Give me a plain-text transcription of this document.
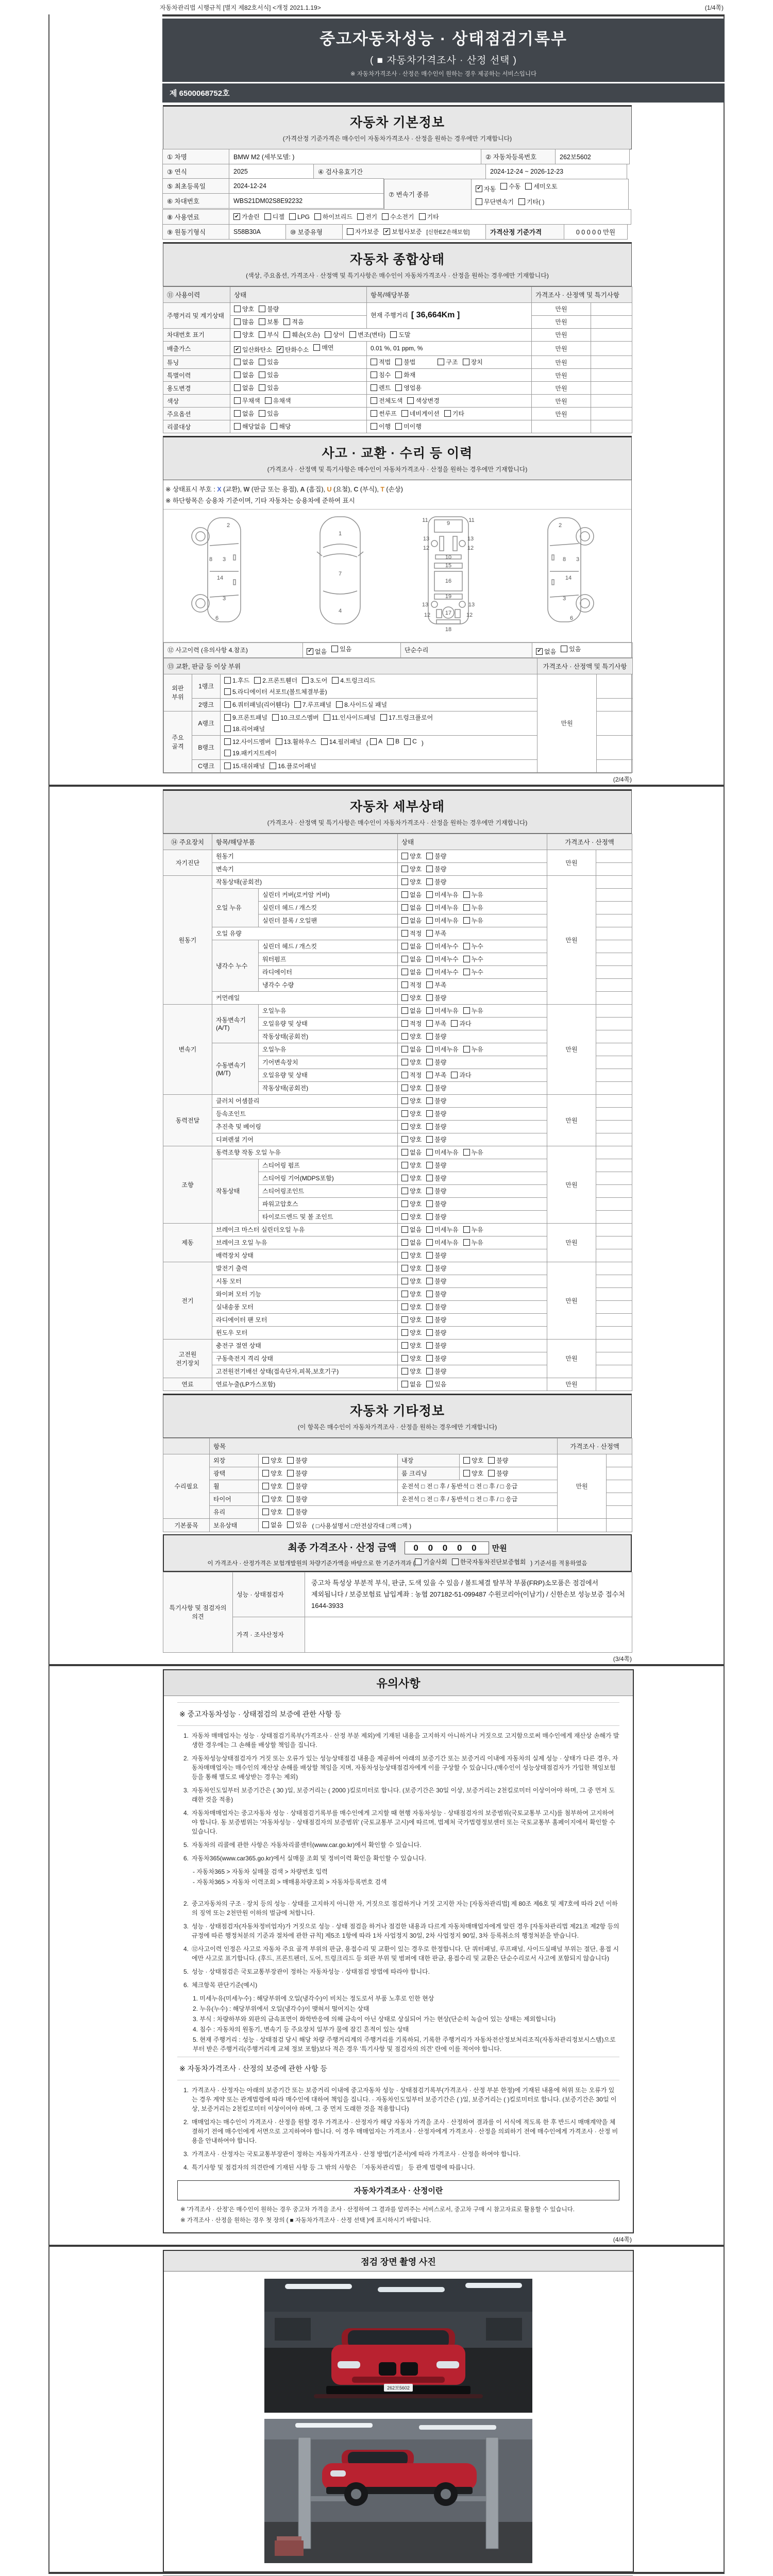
자동차관리법 시행규칙 [별지 제82호서식] <개정 2021.1.19>	(1/4쪽)
중고자동차성능 · 상태점검기록부
( ■ 자동차가격조사 · 산정 선택 )
※ 자동차가격조사 · 산정은 매수인이 원하는 경우 제공하는 서비스입니다
제 6500068752호
자동차 기본정보
(가격산정 기준가격은 매수인이 자동차가격조사 · 산정을 원하는 경우에만 기재합니다)
① 차명	BMW M2 (세부모델: )	② 자동차등록번호	262보5602
③ 연식	2025	④ 검사유효기간	2024-12-24 ~ 2026-12-23
⑤ 최초등록일	2024-12-24
⑥ 차대번호	WBS21DM02S8E92232
⑦ 변속기 종류
✔
자동 수동 세미오토
무단변속기 기타( )
⑧ 사용연료 ✔	가솔린 디젤 LPG 하이브리드 전기 수소전기 기타
⑨ 원동기형식	S58B30A	⑩ 보증유형	자가보증 ✔ 보험사보증 [신한EZ손해보험]	가격산정 기준가격	0 0 0 0 0 만원
자동차 종합상태
(색상, 주요옵션, 가격조사 · 산정액 및 특기사항은 매수인이 자동차가격조사 · 산정을 원하는 경우에만 기재합니다)
⑪ 사용이력	상태	항목/해당부품	가격조사 · 산정액 및 특기사항	
주행거리 및 계기상태	양호 불량	현재 주행거리 [ 36,664Km ]	만원	

	많음 보통 적음		만원	
차대번호 표기	양호 부식 훼손(오손) 상이 변조(변타) 도말	만원	
배출가스	
✔일산화탄소 ✔ 탄화수소 매연	0.01 %, 01 ppm, %	만원	
튜닝	없음 있음	적법 불법 구조 장치	만원	
특별이력	없음 있음	침수 화재	만원	
용도변경	없음 있음	렌트 영업용	만원	
색상	무채색 유채색	전체도색 색상변경	만원	
주요옵션	없음 있음	썬루프 네비게이션 기타	만원	
리콜대상	해당없음 해당	이행 미이행		

사고 · 교환 · 수리 등 이력
(가격조사 · 산정액 및 특기사항은 매수인이 자동차가격조사 · 산정을 원하는 경우에만 기재합니다)
※ 상태표시 부호 : X (교환), W (판금 또는 용접), A (흠집), U (요철), C (부식), T (손상)
※ 하단항목은 승용차 기준이며, 기타 자동차는 승용차에 준하여 표시
2
8 3
14
3
6
1
7
4
9
11	11
13	13
12	12
10
15
16
19
13	13
17
12	12
18
2
3
8
14
3
6
⑫ 사고이력 (유의사항 4.참조)	
✔없음 있음	단순수리	
✔없음 있음
⑬ 교환, 판금 등 이상 부위			가격조사 · 산정액 및 특기사항	
외판 부위	1랭크	1.후드 2.프론트휀더 3.도어 4.트렁크리드
5.라디에이터 서포트(볼트체결부품)	만원	
	2랭크	6.쿼터패널(리어휀다) 7.루프패널 8.사이드실 패널		

주요 골격	A랭크	9.프론트패널 10.크로스멤버 11.인사이드패널 17.트렁크플로어
18.리어패널		

B랭크	
12.사이드멤버 13.휠하우스 14.필러패널 ( A B C )
19.패키지트레이

	C랭크	15.대쉬패널 16.플로어패널		

(2/4쪽)
자동차 세부상태
(가격조사 · 산정액 및 특기사항은 매수인이 자동차가격조사 · 산정을 원하는 경우에만 기재합니다)
⑭ 주요장치	항목/해당부품		상태	가격조사 · 산정액	
자기진단	원동기		양호 불량	만원	
	변속기		양호 불량		

원동기	작동상태(공회전)		양호 불량	만원	
	오일 누유	실린더 커버(로커암 커버)	없음 미세누유 누유		

		실린더 헤드 / 개스킷	없음 미세누유 누유		

		실린더 블록 / 오일팬	없음 미세누유 누유		

	오일 유량		적정 부족		

	냉각수 누수	실린더 헤드 / 개스킷	없음 미세누수 누수		

		워터펌프	없음 미세누수 누수		

		라디에이터	없음 미세누수 누수		

		냉각수 수량	적정 부족		

	커먼레일		양호 불량		

변속기	자동변속기 (A/T)	오일누유	없음 미세누유 누유	만원	
		오일유량 및 상태	적정 부족 과다		

		작동상태(공회전)	양호 불량		

	수동변속기 (M/T)	오일누유	없음 미세누유 누유		

		기어변속장치	양호 불량		

		오일유량 및 상태	적정 부족 과다		

		작동상태(공회전)	양호 불량		

동력전달	클러치 어셈블리		양호 불량	만원	
	등속조인트		양호 불량		

	추진축 및 베어링		양호 불량		

	디퍼렌셜 기어		양호 불량		

조향	동력조향 작동 오일 누유		없음 미세누유 누유	만원	
	작동상태	스티어링 펌프	양호 불량		

		스티어링 기어(MDPS포함)	양호 불량		

		스티어링조인트	양호 불량		

		파워고압호스	양호 불량		

		타이로드엔드 및 볼 조인트	양호 불량		

제동	브레이크 마스터 실린더오일 누유		없음 미세누유 누유	만원	
	브레이크 오일 누유		없음 미세누유 누유		

	배력장치 상태		양호 불량		

전기	발전기 출력		양호 불량	만원	
	시동 모터		양호 불량		

	와이퍼 모터 기능		양호 불량		

	실내송풍 모터		양호 불량		

	라디에이터 팬 모터		양호 불량		

	윈도우 모터		양호 불량		

고전원 전기장치	충전구 절연 상태		양호 불량	만원	
	구동축전지 격리 상태		양호 불량		

	고전원전기배선 상태(접속단자,피복,보호기구)		양호 불량		

연료	연료누출(LP가스포함)		없음 있음	만원	
자동차 기타정보
(이 항목은 매수인이 자동차가격조사 · 산정을 원하는 경우에만 기재합니다)
	항목				가격조사 · 산정액	
수리필요	외장	양호 불량	내장	양호 불량	만원	
	광택	양호 불량	룸 크리닝	양호 불량		

	휠	양호 불량	운전석 □ 전 □ 후 / 동반석 □ 전 □ 후 / □ 응급			
	타이어	양호 불량	운전석 □ 전 □ 후 / 동반석 □ 전 □ 후 / □ 응급			
	유리	양호 불량				

기본품목	보유상태	없음 있음 ( □사용설명서 □안전삼각대 □잭 □잭 )				
최종 가격조사 · 산정 금액 0 0 0 0 0 만원
이 가격조사 · 산정가격은 보험개발원의 차량기준가액을 바탕으로 한 기준가격과 ( 기술사회 한국자동차진단보증협회 ) 기준서를 적용하였음
특기사항 및 점검자의 의견	성능 · 상태점검자	중고차 특성상 부분적 부식, 판금, 도색 있을 수 있음 / 볼트체결 탈부착 부품(FRP)소모품은 점검에서 제외됩니다 / 보증보험료 납입계좌 : 농협 207182-51-099487 수원코리아(이남기) / 신한손보 성능보증 접수처 1644-3933
	가격 · 조사산정자	
(3/4쪽)
유의사항
※ 중고자동차성능 · 상태점검의 보증에 관한 사항 등
1. 자동차 매매업자는 성능 · 상태점검기록부(가격조사 · 산정 부분 제외)에 기재된 내용을 고지하지 아니하거나 거짓으로 고지함으로써 매수인에게 재산상 손해가 발생한 경우에는 그 손해를 배상할 책임을 집니다.
2. 자동차성능상태점검자가 거짓 또는 오류가 있는 성능상태점검 내용을 제공하여 아래의 보증기간 또는 보증거리 이내에 자동차의 실제 성능 · 상태가 다른 경우, 자동차매매업자는 매수인의 재산상 손해를 배상할 책임을 지며, 자동차성능상태점검자에게 이를 구상할 수 있습니다.(매수인이 성능상태점검자가 가입한 책임보험 등을 통해 별도로 배상받는 경우는 제외)
3. 자동차인도일부터 보증기간은 ( 30 )일, 보증거리는 ( 2000 )킬로미터로 합니다. (보증기간은 30일 이상, 보증거리는 2천킬로미터 이상이어야 하며, 그 중 먼저 도래한 것을 적용)
4. 자동차매매업자는 중고자동차 성능 · 상태점검기록부를 매수인에게 고지할 때 현행 자동차성능 · 상태점검자의 보증범위(국토교통부 고시)를 첨부하여 고지하여야 합니다. 동 보증범위는 '자동차성능 · 상태점검자의 보증범위' (국토교통부 고시)에 따르며, 법제처 국가법령정보센터 또는 국토교통부 홈페이지에서 확인할 수 있습니다.
5. 자동차의 리콜에 관한 사항은 자동차리콜센터(www.car.go.kr)에서 확인할 수 있습니다.
6. 자동차365(www.car365.go.kr)에서 실매물 조회 및 정비이력 확인을 확인할 수 있습니다.
- 자동차365 > 자동차 실매물 검색 > 차량번호 입력
- 자동차365 > 자동차 이력조회 > 매매용차량조회 > 자동차등록번호 검색
2. 중고자동차의 구조 · 장치 등의 성능 · 상태를 고지하지 아니한 자, 거짓으로 점검하거나 거짓 고지한 자는 [자동차관리법] 제 80조 제6호 및 제7호에 따라 2년 이하의 징역 또는 2천만원 이하의 벌금에 처합니다.
3. 성능 · 상태점검자(자동차정비업자)가 거짓으로 성능 · 상태 점검을 하거나 점검한 내용과 다르게 자동차매매업자에게 알린 경우 [자동차관리법 제21조 제2항 등의 규정에 따른 행정처분의 기준과 절차에 관한 규칙] 제5조 1항에 따라 1차 사업정지 30일, 2차 사업정지 90일, 3차 등록취소의 행정처분을 받습니다.
4. ⑫사고이력 인정은 사고로 자동차 주요 골격 부위의 판금, 용접수리 및 교환이 있는 경우로 한정합니다. 단 쿼터패널, 루프패널, 사이드실패널 부위는 절단, 용접 시에만 사고로 표기합니다. (후드, 프론트펜더, 도어, 트렁크리드 등 외판 부위 및 범퍼에 대한 판금, 용접수리 및 교환은 단순수리로서 사고에 포함되지 않습니다)
5. 성능 · 상태점검은 국토교통부장관이 정하는 자동차성능 · 상태점검 방법에 따라야 합니다.
6. 체크항목 판단기준(예시)
1. 미세누유(미세누수) : 해당부위에 오일(냉각수)이 비치는 정도로서 부품 노후로 인한 현상
2. 누유(누수) : 해당부위에서 오일(냉각수)이 맺혀서 떨어지는 상태
3. 부식 : 차량하부와 외판의 금속표면이 화학반응에 의해 금속이 아닌 상태로 상실되어 가는 현상(단순히 녹슬어 있는 상태는 제외합니다)
4. 침수 : 자동차의 원동기, 변속기 등 주요장치 일부가 물에 잠긴 흔적이 있는 상태
5. 현재 주행거리 : 성능 · 상태점검 당시 해당 차량 주행거리계의 주행거리를 기록하되, 기록한 주행거리가 자동차전산정보처리조직(자동차관리정보시스템)으로부터 받은 주행거리(주행거리계 교체 정보 포함)보다 적은 경우 '특기사항 및 점검자의 의견' 란에 이를 적어야 합니다.
※ 자동차가격조사 · 산정의 보증에 관한 사항 등
1. 가격조사 · 산정자는 아래의 보증기간 또는 보증거리 이내에 중고자동차 성능 · 상태점검기록부(가격조사 · 산정 부분 한정)에 기재된 내용에 허위 또는 오류가 있는 경우 계약 또는 관계법령에 따라 매수인에 대하여 책임을 집니다. · 자동차인도일부터 보증기간은 ( )일, 보증거리는 ( )킬로미터로 합니다. (보증기간은 30일 이상, 보증거리는 2천킬로미터 이상이어야 하며, 그 중 먼저 도래한 것을 적용합니다)
2. 매매업자는 매수인이 가격조사 · 산정을 원할 경우 가격조사 · 산정자가 해당 자동차 가격을 조사 · 산정하여 결과를 이 서식에 적도록 한 후 반드시 매매계약을 체결하기 전에 매수인에게 서면으로 고지하여야 합니다. 이 경우 매매업자는 가격조사 · 산정자에게 가격조사 · 산정을 의뢰하기 전에 매수인에게 가격조사 · 산정 비용을 안내하여야 합니다.
3. 가격조사 · 산정자는 국토교통부장관이 정하는 자동차가격조사 · 산정 방법(기준서)에 따라 가격조사 · 산정을 하여야 합니다.
4. 특기사항 및 점검자의 의견란에 기재된 사항 등 그 밖의 사항은 「자동차관리법」 등 관계 법령에 따릅니다.
자동차가격조사 · 산정이란
※ '가격조사 · 산정'은 매수인이 원하는 경우 중고차 가격을 조사 · 산정하여 그 결과를 알려주는 서비스로서, 중고차 구매 시 참고자료로 활용할 수 있습니다.
※ 가격조사 · 산정을 원하는 경우 첫 장의 ( ■ 자동차가격조사 · 산정 선택 )에 표시하시기 바랍니다.
(4/4쪽)
점검 장면 촬영 사진
262보5602
